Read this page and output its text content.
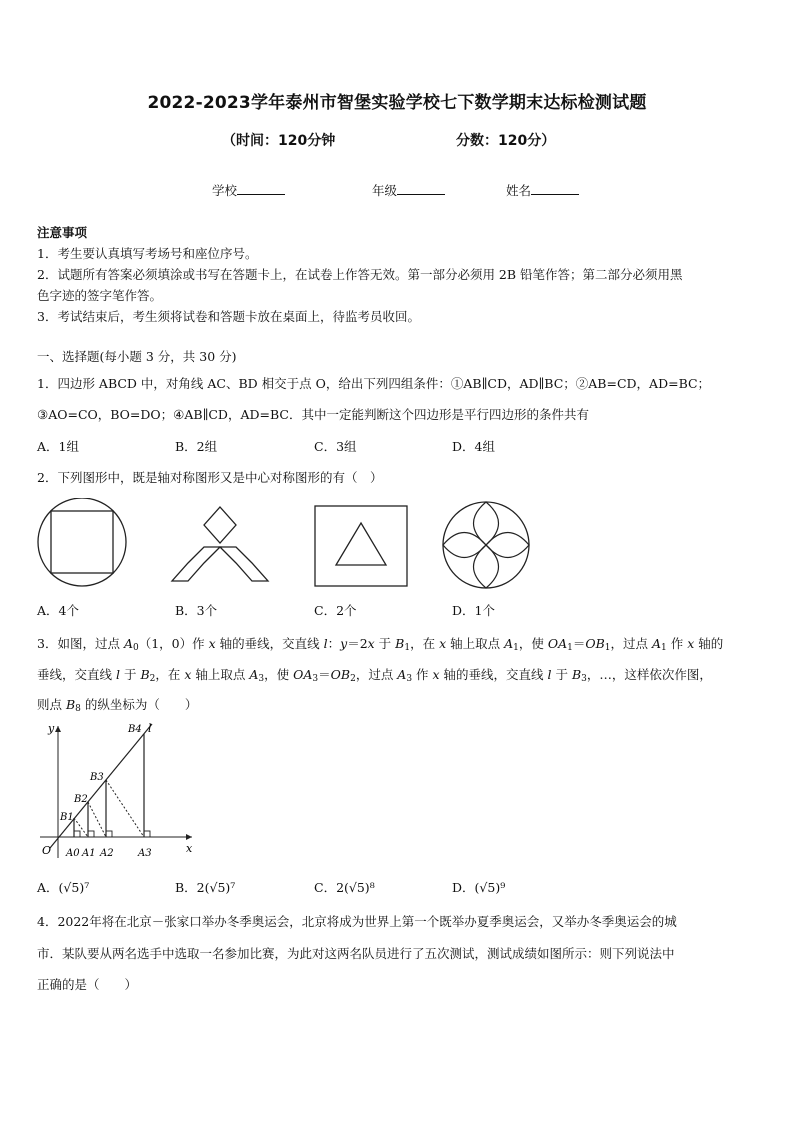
2022-2023学年泰州市智堡实验学校七下数学期末达标检测试题
（时间：120分钟	分数：120分）
学校	年级	姓名
注意事项
1．考生要认真填写考场号和座位序号。
2．试题所有答案必须填涂或书写在答题卡上，在试卷上作答无效。第一部分必须用 2B 铅笔作答；第二部分必须用黑
色字迹的签字笔作答。
3．考试结束后，考生须将试卷和答题卡放在桌面上，待监考员收回。
一、选择题(每小题 3 分，共 30 分)
1．四边形 ABCD 中，对角线 AC、BD 相交于点 O，给出下列四组条件：①AB∥CD，AD∥BC；②AB=CD，AD=BC；
③AO=CO，BO=DO；④AB∥CD，AD=BC．其中一定能判断这个四边形是平行四边形的条件共有
A．1组	B．2组	C．3组	D．4组
2．下列图形中，既是轴对称图形又是中心对称图形的有（　）
A．4个	B．3个	C．2个	D．1个
3．如图，过点 $A_0(1$，0）作 x 轴的垂线，交直线 l：y＝2x 于 $B_1$，在 x 轴上取点 $A_1$，使 $OA_1=OB_1$，过点 $A_1$ 作 x 轴的
垂线，交直线 l 于 $B_2$，在 x 轴上取点 $A_3$，使 $OA_3=OB_2$，过点 $A_3$ 作 x 轴的垂线，交直线 l 于 $B_3$，…，这样依次作图，
则点 $B_8$ 的纵坐标为（　　）
y
x
O
l
A0 A1 A2 A3
B1
B2
B3
B4
A．(√5)⁷	B．2(√5)⁷	C．2(√5)⁸	D．(√5)⁹
4．2022年将在北京－张家口举办冬季奥运会，北京将成为世界上第一个既举办夏季奥运会，又举办冬季奥运会的城
市．某队要从两名选手中选取一名参加比赛，为此对这两名队员进行了五次测试，测试成绩如图所示：则下列说法中
正确的是（　　）
